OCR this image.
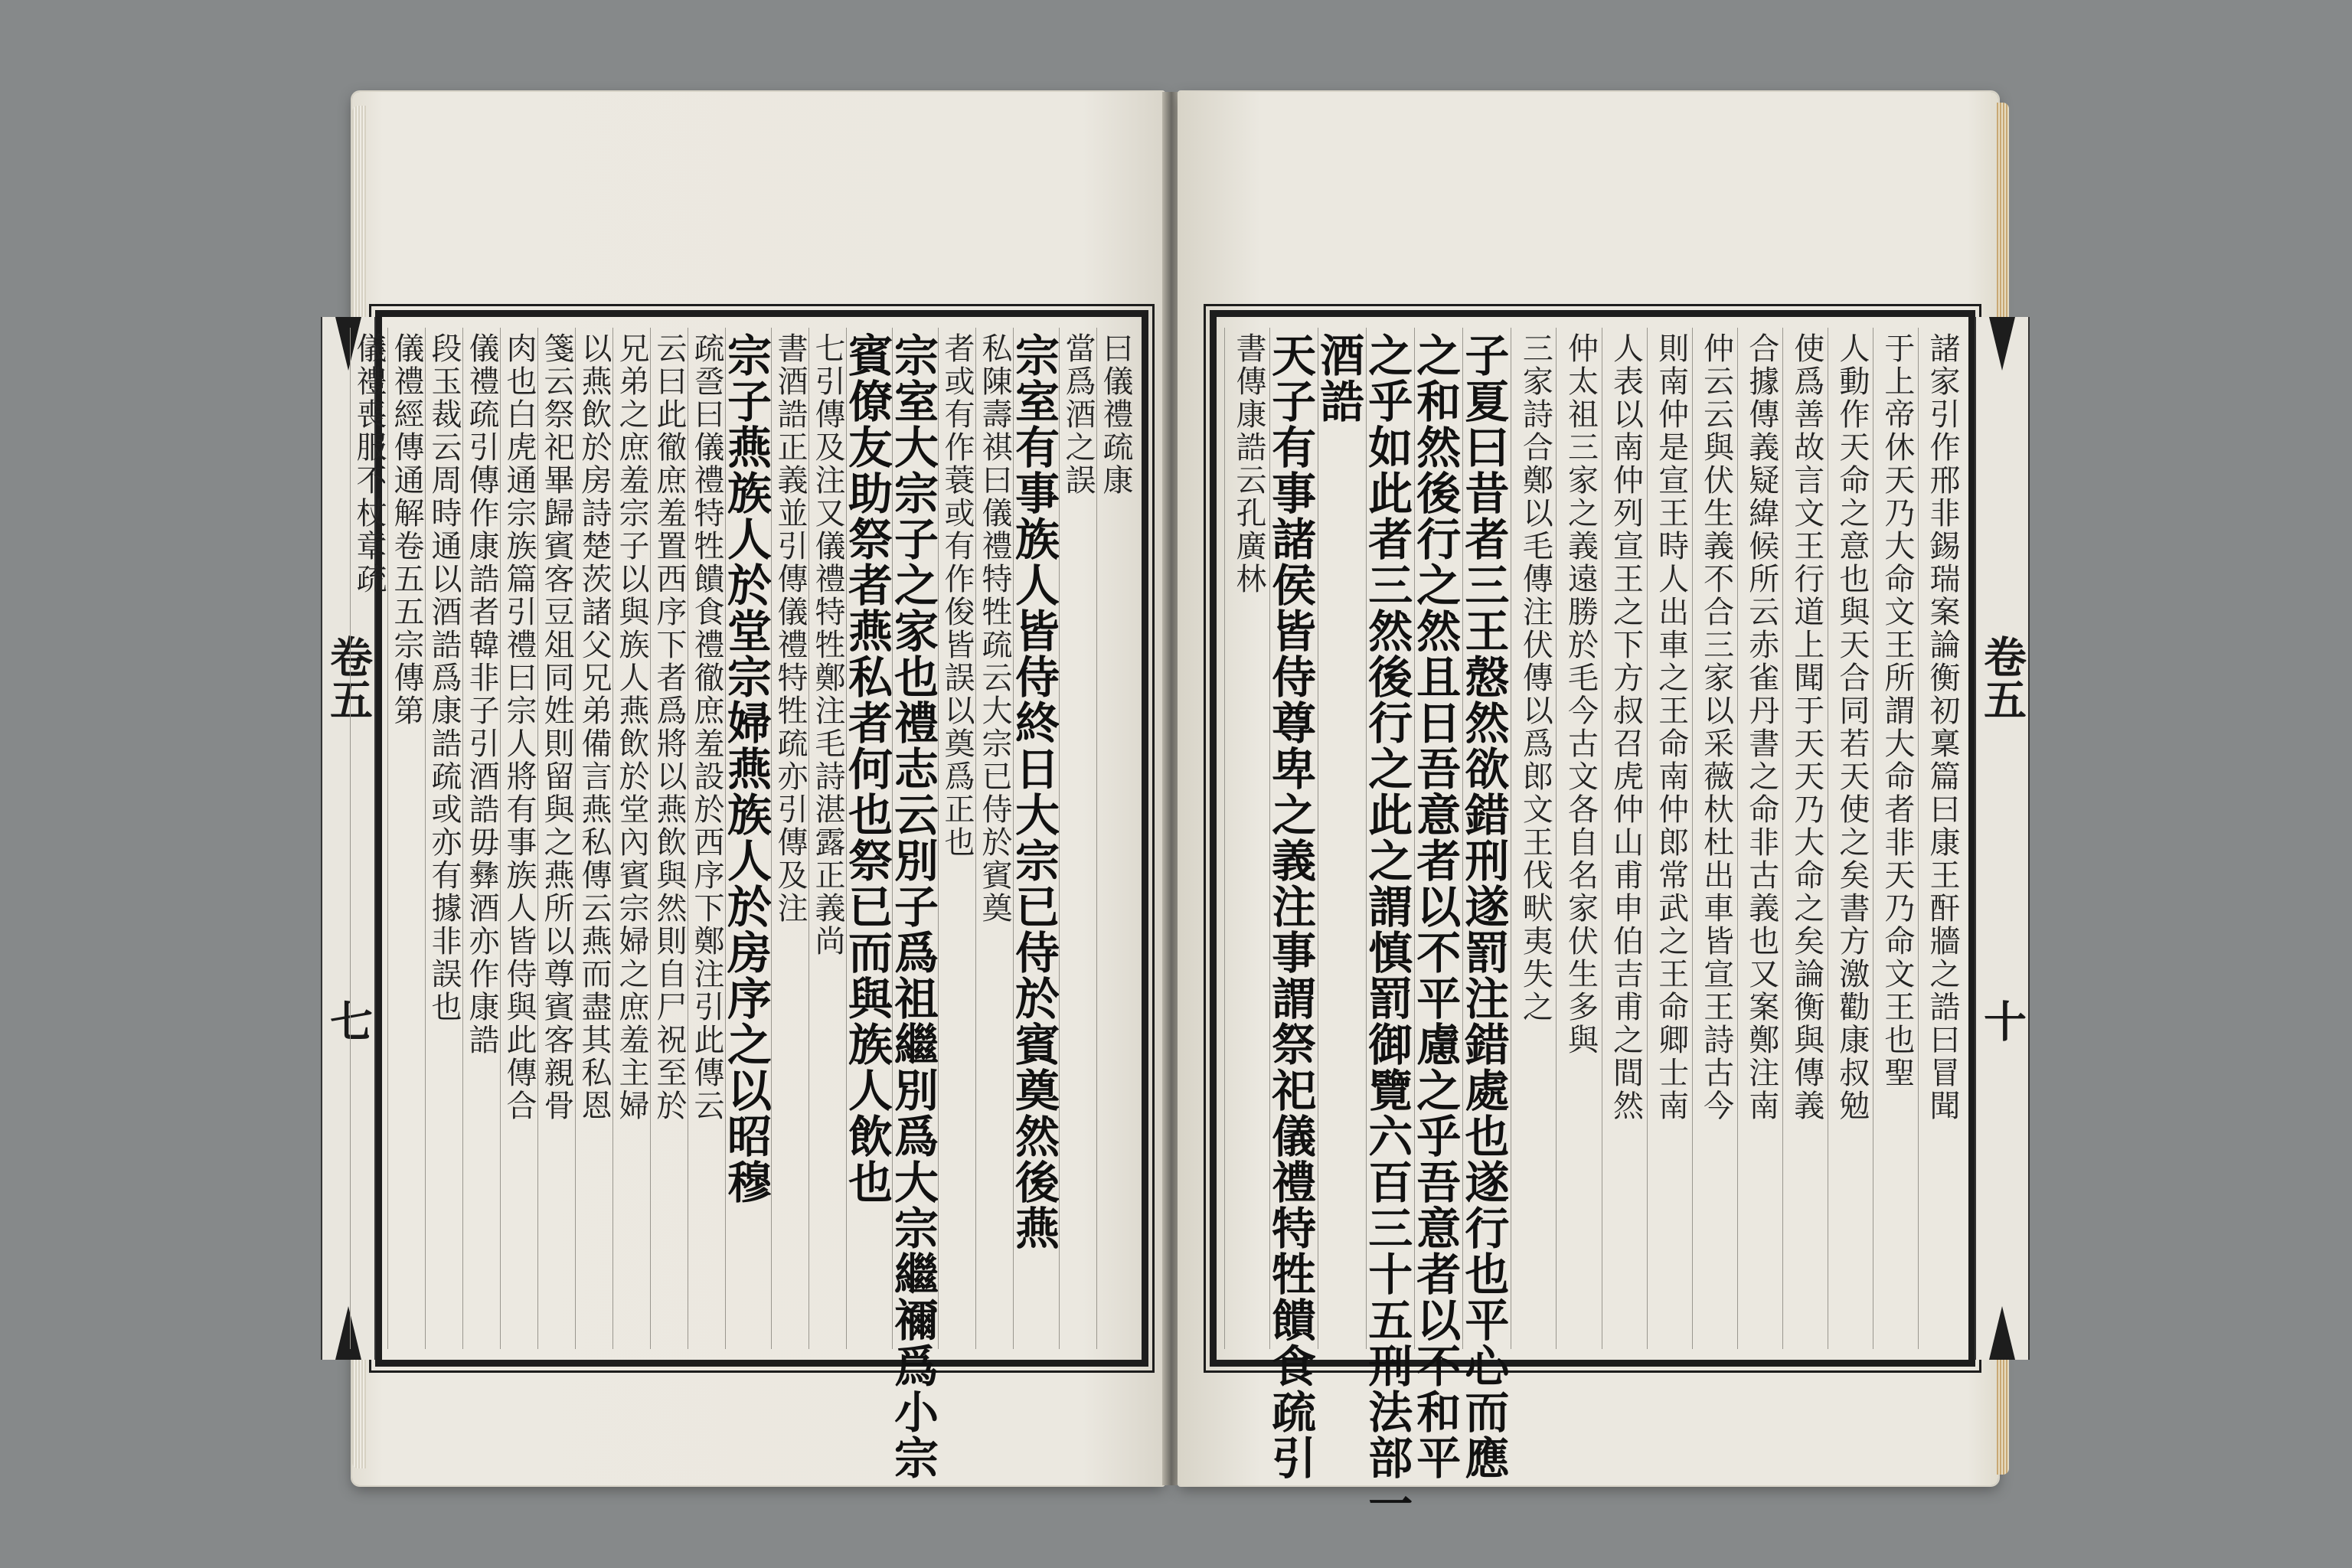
卷五
七
曰儀禮疏康
當爲酒之誤
宗室有事族人皆侍終日大宗已侍於賓奠然後燕
私陳壽祺曰儀禮特牲疏云大宗已侍於賓奠
者或有作蓑或有作俊皆誤以奠爲正也
宗室大宗子之家也禮志云別子爲祖繼別爲大宗繼禰爲小宗
賓僚友助祭者燕私者何也祭已而與族人飲也
七引傳及注又儀禮特牲鄭注毛詩湛露正義尚
書酒誥正義並引傳儀禮特牲疏亦引傳及注
宗子燕族人於堂宗婦燕族人於房序之以昭穆
疏巹曰儀禮特牲饋食禮徹庶羞設於西序下鄭注引此傳云
云曰此徹庶羞置西序下者爲將以燕飲與然則自尸祝至於
兄弟之庶羞宗子以與族人燕飲於堂內賓宗婦之庶羞主婦
以燕飲於房詩楚茨諸父兄弟備言燕私傳云燕而盡其私恩
箋云祭祀畢歸賓客豆俎同姓則留與之燕所以尊賓客親骨
肉也白虎通宗族篇引禮曰宗人將有事族人皆侍與此傳合
儀禮疏引傳作康誥者韓非子引酒誥毋彝酒亦作康誥
段玉裁云周時通以酒誥爲康誥疏或亦有據非誤也
儀禮經傳通解卷五五宗傳第
儀禮喪服不杖章疏
卷五
十
諸家引作邢非錫瑞案論衡初稟篇曰康王酐牆之誥曰冒聞
于上帝休天乃大命文王所謂大命者非天乃命文王也聖
人動作天命之意也與天合同若天使之矣書方激勸康叔勉
使爲善故言文王行道上聞于天天乃大命之矣論衡與傳義
合據傳義疑緯候所云赤雀丹書之命非古義也又案鄭注南
仲云云與伏生義不合三家以采薇杕杜出車皆宣王詩古今
則南仲是宣王時人出車之王命南仲郎常武之王命卿士南
人表以南仲列宣王之下方叔召虎仲山甫申伯吉甫之間然
仲太祖三家之義遠勝於毛今古文各自名家伏生多與
三家詩合鄭以毛傳注伏傳以爲郎文王伐畎夷失之
子夏曰昔者三王慤然欲錯刑遂罰注錯處也遂行也平心而應
之和然後行之然且日吾意者以不平慮之乎吾意者以不和平
之乎如此者三然後行之此之謂慎罰御覽六百三十五刑法部一
酒誥
天子有事諸侯皆侍尊卑之義注事謂祭祀儀禮特牲饋食疏引
書傳康誥云孔廣林
